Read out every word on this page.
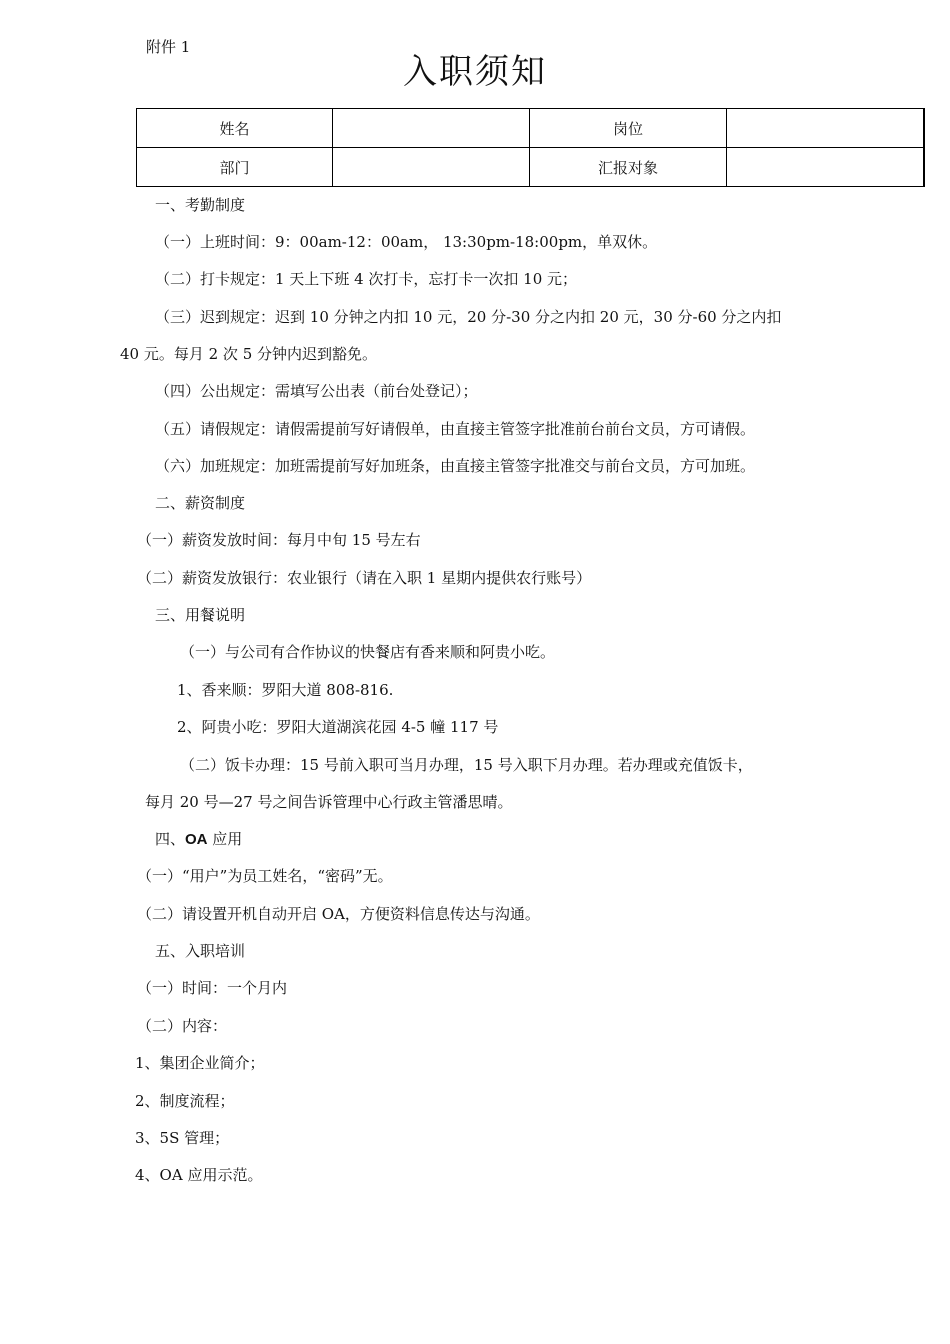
附件 1
入职须知
姓名		岗位	
部门		汇报对象	
一、考勤制度
（一）上班时间：9：00am-12：00am， 13:30pm-18:00pm，单双休。
（二）打卡规定：1 天上下班 4 次打卡，忘打卡一次扣 10 元；
（三）迟到规定：迟到 10 分钟之内扣 10 元，20 分-30 分之内扣 20 元，30 分-60 分之内扣
40 元。每月 2 次 5 分钟内迟到豁免。
（四）公出规定：需填写公出表（前台处登记）；
（五）请假规定：请假需提前写好请假单，由直接主管签字批准前台前台文员，方可请假。
（六）加班规定：加班需提前写好加班条，由直接主管签字批准交与前台文员，方可加班。
二、薪资制度
（一）薪资发放时间：每月中旬 15 号左右
（二）薪资发放银行：农业银行（请在入职 1 星期内提供农行账号）
三、用餐说明
（一）与公司有合作协议的快餐店有香来顺和阿贵小吃。
1、香来顺：罗阳大道 808-816.
2、阿贵小吃：罗阳大道湖滨花园 4-5 幢 117 号
（二）饭卡办理：15 号前入职可当月办理，15 号入职下月办理。若办理或充值饭卡，
每月 20 号—27 号之间告诉管理中心行政主管潘思晴。
四、OA 应用
（一）“用户”为员工姓名，“密码”无。
（二）请设置开机自动开启 OA，方便资料信息传达与沟通。
五、入职培训
（一）时间：一个月内
（二）内容：
1、集团企业简介；
2、制度流程；
3、5S 管理；
4、OA 应用示范。
